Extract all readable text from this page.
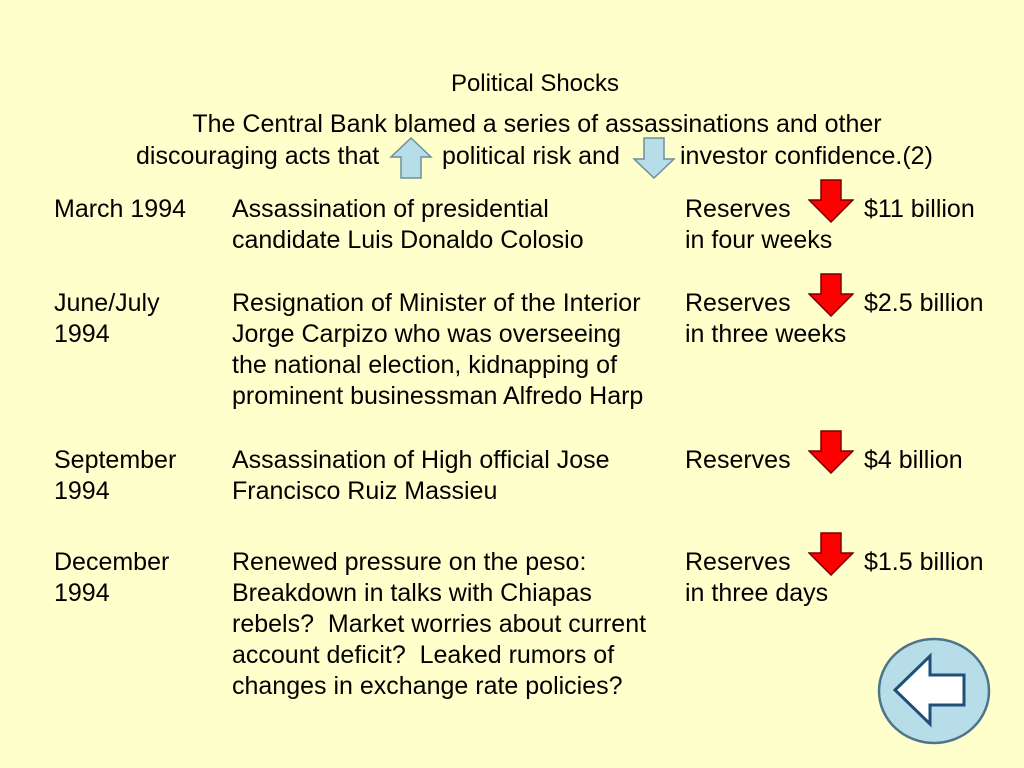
Political Shocks
The Central Bank blamed a series of assassinations and other
discouraging acts that	political risk and investor confidence.(2)
March 1994 Assassination of presidential
candidate Luis Donaldo Colosio
Reserves
in four weeks
$11 billion
June/July
1994
Resignation of Minister of the Interior
Jorge Carpizo who was overseeing
the national election, kidnapping of
prominent businessman Alfredo Harp
Reserves
in three weeks
$2.5 billion
September
1994
Assassination of High official Jose
Francisco Ruiz Massieu
Reserves	$4 billion
December
1994
Renewed pressure on the peso:
Breakdown in talks with Chiapas
rebels?  Market worries about current
account deficit?  Leaked rumors of
changes in exchange rate policies?
Reserves
in three days
$1.5 billion
